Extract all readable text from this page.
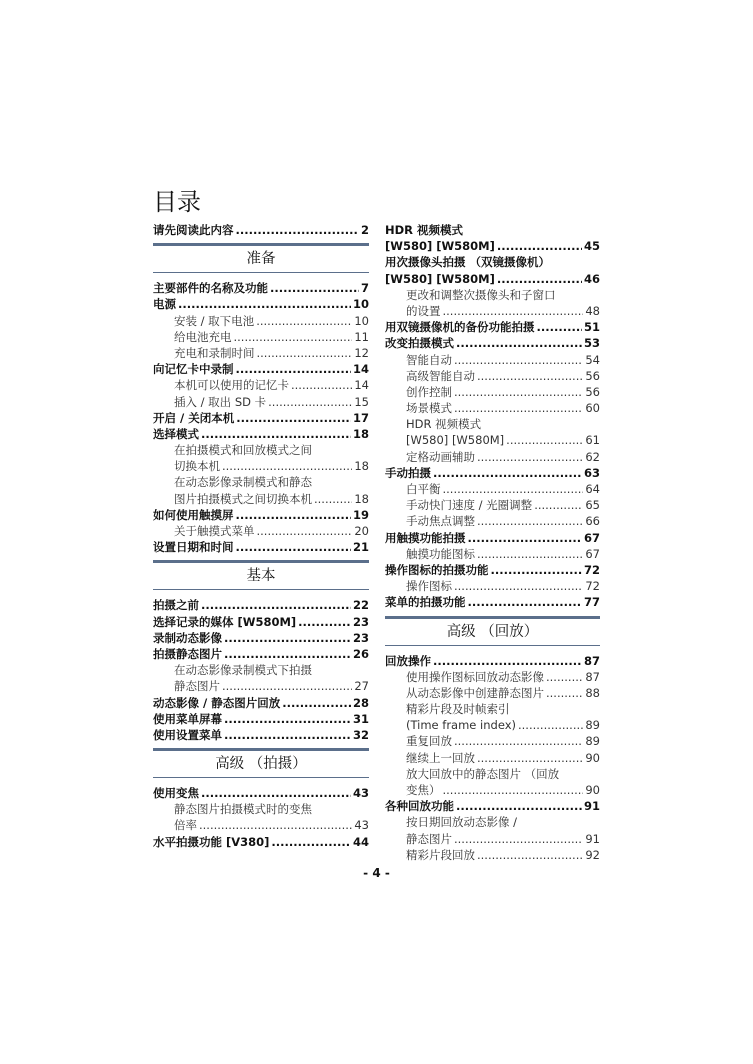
目录
请先阅读此内容 .....	2
准备
主要部件的名称及功能 .....	7
电源 .....	10
安装 / 取下电池 .....	10
给电池充电 .....	11
充电和录制时间 .....	12
向记忆卡中录制 .....	14
本机可以使用的记忆卡 .....	14
插入 / 取出 SD 卡 .....	15
开启 / 关闭本机 .....	17
选择模式 .....	18
在拍摄模式和回放模式之间
切换本机 .....	18
在动态影像录制模式和静态
图片拍摄模式之间切换本机 .....	18
如何使用触摸屏 .....	19
关于触摸式菜单 .....	20
设置日期和时间 .....	21
基本
拍摄之前 .....	22
选择记录的媒体 [W580M] .....	23
录制动态影像 .....	23
拍摄静态图片 .....	26
在动态影像录制模式下拍摄
静态图片 .....	27
动态影像 / 静态图片回放 .....	28
使用菜单屏幕 .....	31
使用设置菜单 .....	32
高级 （拍摄）
使用变焦 .....	43
静态图片拍摄模式时的变焦
倍率 .....	43
水平拍摄功能 [V380] .....	44
HDR 视频模式
[W580] [W580M] .....	45
用次摄像头拍摄 （双镜摄像机）
[W580] [W580M] .....	46
更改和调整次摄像头和子窗口
的设置 .....	48
用双镜摄像机的备份功能拍摄 .....	51
改变拍摄模式 .....	53
智能自动 .....	54
高级智能自动 .....	56
创作控制 .....	56
场景模式 .....	60
HDR 视频模式
[W580] [W580M] .....	61
定格动画辅助 .....	62
手动拍摄 .....	63
白平衡 .....	64
手动快门速度 / 光圈调整 .....	65
手动焦点调整 .....	66
用触摸功能拍摄 .....	67
触摸功能图标 .....	67
操作图标的拍摄功能 .....	72
操作图标 .....	72
菜单的拍摄功能 .....	77
高级 （回放）
回放操作 .....	87
使用操作图标回放动态影像 .....	87
从动态影像中创建静态图片 .....	88
精彩片段及时帧索引
(Time frame index) .....	89
重复回放 .....	89
继续上一回放 .....	90
放大回放中的静态图片 （回放
变焦） .....	90
各种回放功能 .....	91
按日期回放动态影像 /
静态图片 .....	91
精彩片段回放 .....	92
- 4 -
